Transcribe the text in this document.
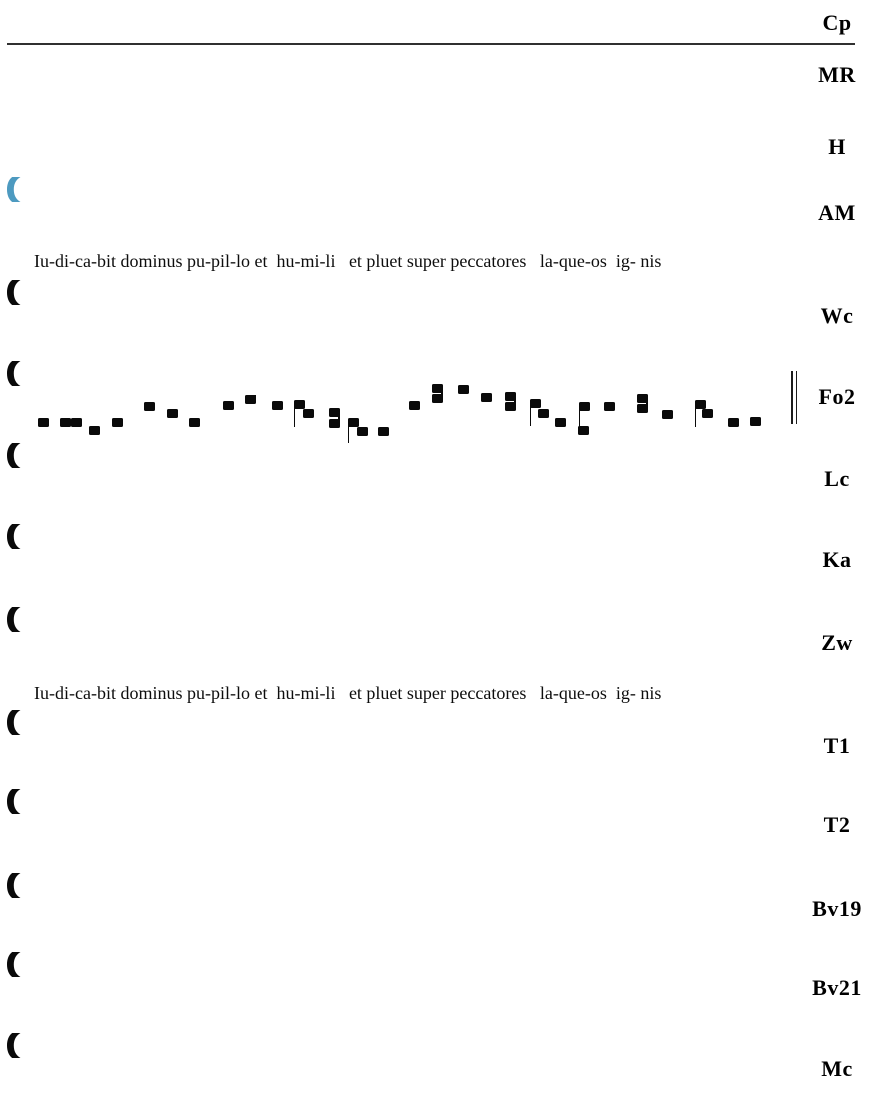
Cp
MR
H
AM
Wc
Fo2
Lc
Ka
Zw
T1
T2
Bv19
Bv21
Mc
Iu-di-ca-bit dominus pu-pil-lo et  hu-mi-li   et pluet super peccatores   la-que-os  ig- nis
Iu-di-ca-bit dominus pu-pil-lo et  hu-mi-li   et pluet super peccatores   la-que-os  ig- nis
